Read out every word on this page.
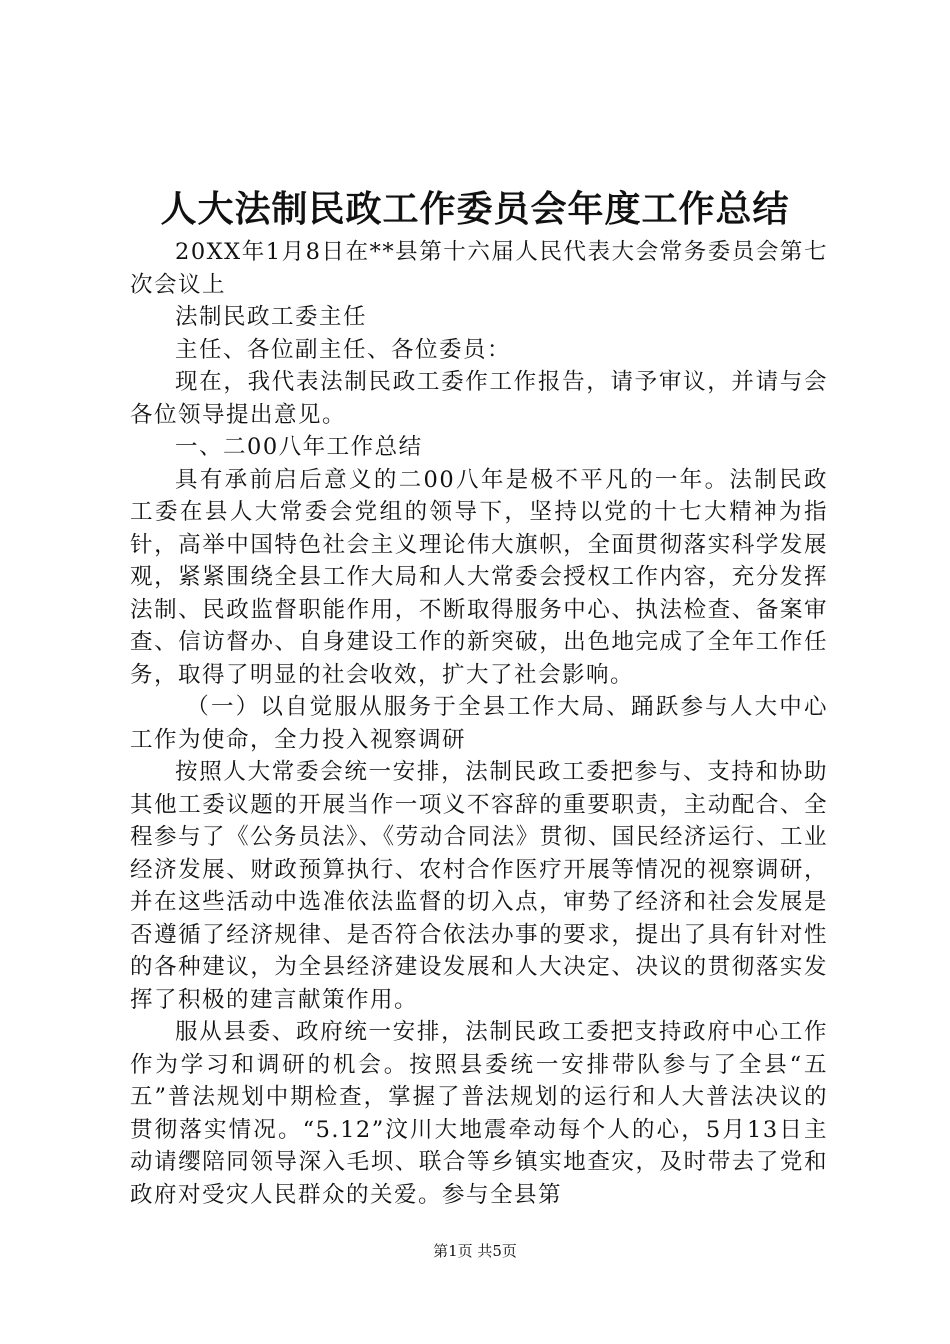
人大法制民政工作委员会年度工作总结

20XX年1月8日在**县第十六届人民代表大会常务委员会第七次会议上

法制民政工委主任

主任、各位副主任、各位委员：

现在，我代表法制民政工委作工作报告，请予审议，并请与会各位领导提出意见。

一、二00八年工作总结

具有承前启后意义的二00八年是极不平凡的一年。法制民政工委在县人大常委会党组的领导下，坚持以党的十七大精神为指针，高举中国特色社会主义理论伟大旗帜，全面贯彻落实科学发展观，紧紧围绕全县工作大局和人大常委会授权工作内容，充分发挥法制、民政监督职能作用，不断取得服务中心、执法检查、备案审查、信访督办、自身建设工作的新突破，出色地完成了全年工作任务，取得了明显的社会收效，扩大了社会影响。

（一）以自觉服从服务于全县工作大局、踊跃参与人大中心工作为使命，全力投入视察调研

按照人大常委会统一安排，法制民政工委把参与、支持和协助其他工委议题的开展当作一项义不容辞的重要职责，主动配合、全程参与了《公务员法》、《劳动合同法》贯彻、国民经济运行、工业经济发展、财政预算执行、农村合作医疗开展等情况的视察调研，并在这些活动中选准依法监督的切入点，审势了经济和社会发展是否遵循了经济规律、是否符合依法办事的要求，提出了具有针对性的各种建议，为全县经济建设发展和人大决定、决议的贯彻落实发挥了积极的建言献策作用。

服从县委、政府统一安排，法制民政工委把支持政府中心工作作为学习和调研的机会。按照县委统一安排带队参与了全县“五五”普法规划中期检查，掌握了普法规划的运行和人大普法决议的贯彻落实情况。“5.12”汶川大地震牵动每个人的心，5月13日主动请缨陪同领导深入毛坝、联合等乡镇实地查灾，及时带去了党和政府对受灾人民群众的关爱。参与全县第

第1页 共5页
